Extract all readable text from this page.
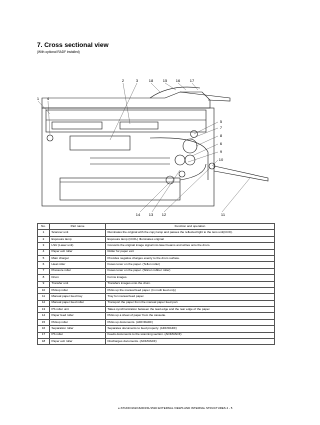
7. Cross sectional view
(With optional RADF installed)
2	3	18 15 16 17
1 4
5
7
8
6
9
10
14 13 12	11
No.	Part name	Function and operation
1	Scanner unit	Illuminates the original with the copy lamp and passes the reflected light to the lens unit(CCD).
2	Exposure lamp	Exposure lamp (CCFL) Illuminates original
3	LSU (Laser unit)	Converts the original image signal into laser beams and writes onto the drum.
4	Paper exit roller	Roller for paper exit
5	Main charger	Provides negative charges evenly to the drum surface.
6	Heat roller	Fuses toner on the paper. (Teflon roller)
7	Pressure roller	Fuses toner on the paper. (Silicon rubber roller)
8	Drum	Forms images.
9	Transfer unit	Transfers images onto the drum.
10	Pickup roller	Picks up the manual feed paper. (In multi feed only)
11	Manual paper feed tray	Tray for manual feed paper.
12	Manual paper feed roller	Transport the paper from the manual paper feed port.
13	PS roller unit	Takes synchronization between the lead edge and the rear edge of the paper.
14	Paper feed roller	Picks up a sheet of paper from the cassette.
15	Pickup roller	Picks up documents. (ADF/RADF)
16	Separation roller	Separates documents to feed properly. (ADF/RADF)
17	PS roller	Feeds documents to the scanning section. (ADF/RADF)
18	Paper exit roller	Discharges documents. (ADF/RADF)
e-STUDIO162/162D/151/151D EXTERNAL VIEWS AND INTERNAL STRUCTURES 4 - 5
